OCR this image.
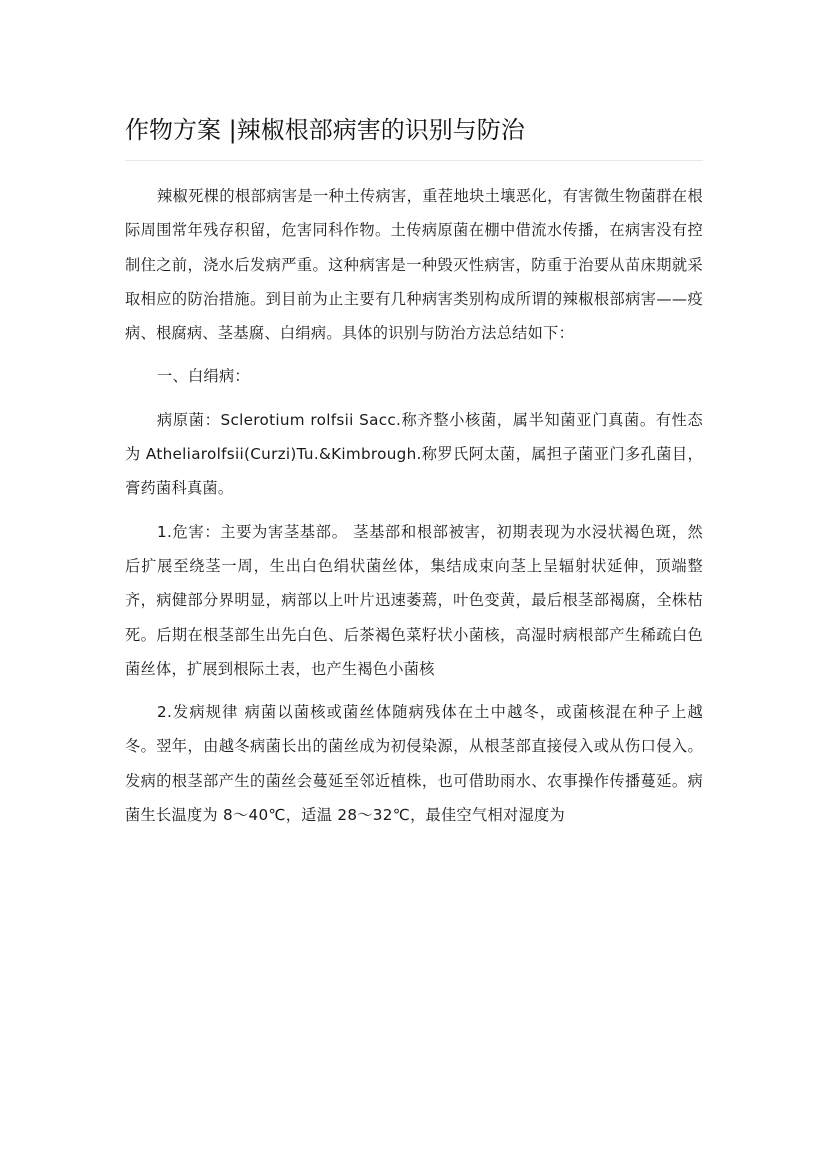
作物方案 |辣椒根部病害的识别与防治

辣椒死棵的根部病害是一种土传病害，重茬地块土壤恶化，有害微生物菌群在根际周围常年残存积留，危害同科作物。土传病原菌在棚中借流水传播，在病害没有控制住之前，浇水后发病严重。这种病害是一种毁灭性病害，防重于治要从苗床期就采取相应的防治措施。到目前为止主要有几种病害类别构成所谓的辣椒根部病害——疫病、根腐病、茎基腐、白绢病。具体的识别与防治方法总结如下：

一、白绢病：

病原菌：Sclerotium rolfsii Sacc.称齐整小核菌，属半知菌亚门真菌。有性态为 Atheliarolfsii(Curzi)Tu.&Kimbrough.称罗氏阿太菌，属担子菌亚门多孔菌目，膏药菌科真菌。

1.危害：主要为害茎基部。 茎基部和根部被害，初期表现为水浸状褐色斑，然后扩展至绕茎一周，生出白色绢状菌丝体，集结成束向茎上呈辐射状延伸，顶端整齐，病健部分界明显，病部以上叶片迅速萎蔫，叶色变黄，最后根茎部褐腐，全株枯死。后期在根茎部生出先白色、后茶褐色菜籽状小菌核，高湿时病根部产生稀疏白色菌丝体，扩展到根际土表，也产生褐色小菌核

2.发病规律 病菌以菌核或菌丝体随病残体在土中越冬，或菌核混在种子上越冬。翌年，由越冬病菌长出的菌丝成为初侵染源，从根茎部直接侵入或从伤口侵入。发病的根茎部产生的菌丝会蔓延至邻近植株，也可借助雨水、农事操作传播蔓延。病菌生长温度为 8～40℃，适温 28～32℃，最佳空气相对湿度为
